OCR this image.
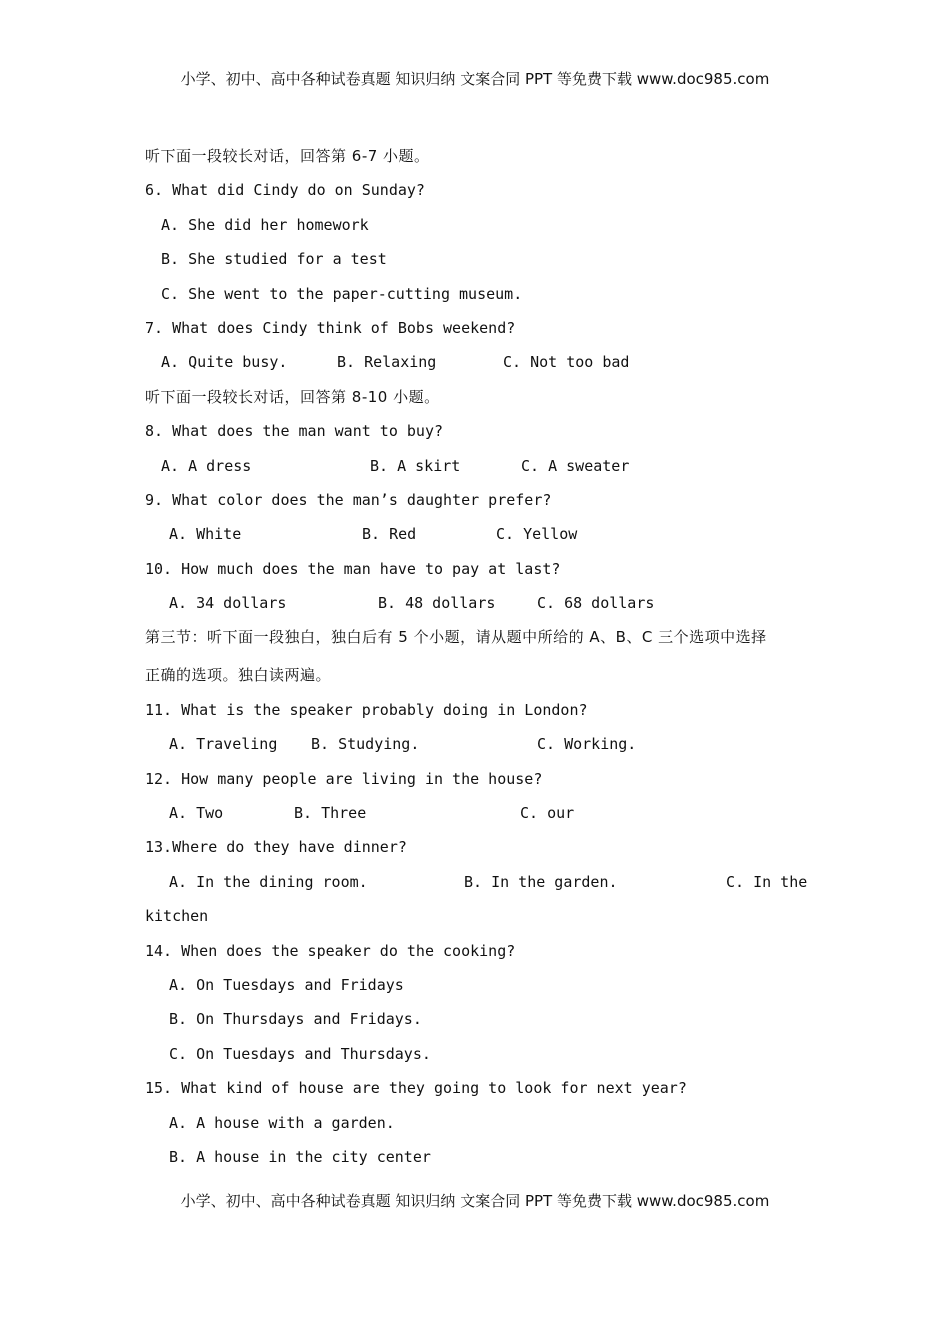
小学、初中、高中各种试卷真题 知识归纳 文案合同 PPT 等免费下载 www.doc985.com
听下面一段较长对话，回答第 6-7 小题。
6. What did Cindy do on Sunday?
A. She did her homework
B. She studied for a test
C. She went to the paper-cutting museum.
7. What does Cindy think of Bobs weekend?
A. Quite busy.	B. Relaxing	C. Not too bad
听下面一段较长对话，回答第 8-10 小题。
8. What does the man want to buy?
A. A dress	B. A skirt	C. A sweater
9. What color does the man’s daughter prefer?
A. White	B. Red	C. Yellow
10. How much does the man have to pay at last?
A. 34 dollars	B. 48 dollars	C. 68 dollars
第三节：听下面一段独白，独白后有 5 个小题，请从题中所给的 A、B、C 三个选项中选择
正确的选项。独白读两遍。
11. What is the speaker probably doing in London?
A. Traveling	B. Studying.	C. Working.
12. How many people are living in the house?
A. Two	B. Three	C. our
13.Where do they have dinner?
A. In the dining room.	B. In the garden.	C. In the
kitchen
14. When does the speaker do the cooking?
A. On Tuesdays and Fridays
B. On Thursdays and Fridays.
C. On Tuesdays and Thursdays.
15. What kind of house are they going to look for next year?
A. A house with a garden.
B. A house in the city center
小学、初中、高中各种试卷真题 知识归纳 文案合同 PPT 等免费下载 www.doc985.com
